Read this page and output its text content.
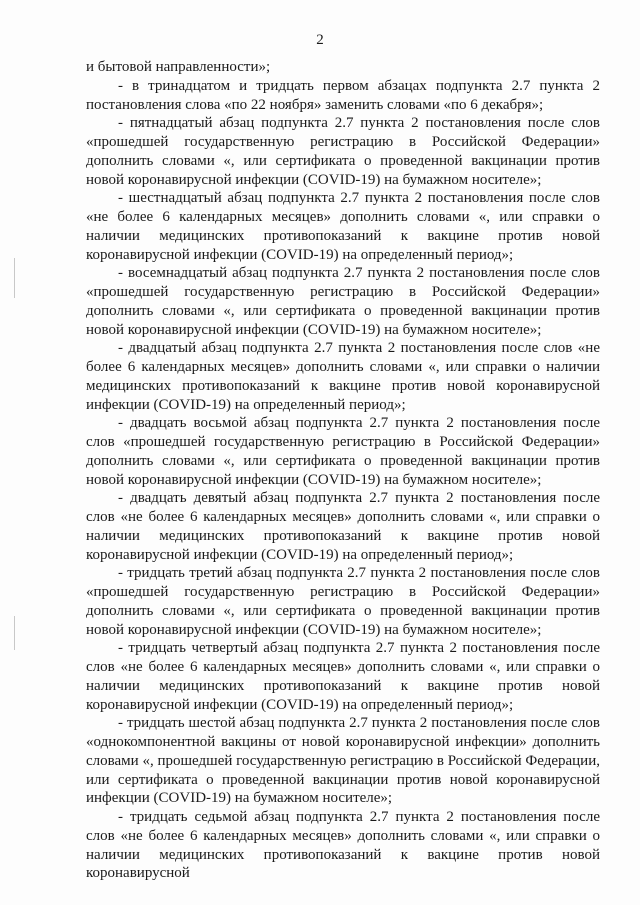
2

и бытовой направленности»;

- в тринадцатом и тридцать первом абзацах подпункта 2.7 пункта 2 постановления слова «по 22 ноября» заменить словами «по 6 декабря»;

- пятнадцатый абзац подпункта 2.7 пункта 2 постановления после слов «прошедшей государственную регистрацию в Российской Федерации» дополнить словами «, или сертификата о проведенной вакцинации против новой коронавирусной инфекции (COVID-19) на бумажном носителе»;

- шестнадцатый абзац подпункта 2.7 пункта 2 постановления после слов «не более 6 календарных месяцев» дополнить словами «, или справки о наличии медицинских противопоказаний к вакцине против новой коронавирусной инфекции (COVID-19) на определенный период»;

- восемнадцатый абзац подпункта 2.7 пункта 2 постановления после слов «прошедшей государственную регистрацию в Российской Федерации» дополнить словами «, или сертификата о проведенной вакцинации против новой коронавирусной инфекции (COVID-19) на бумажном носителе»;

- двадцатый абзац подпункта 2.7 пункта 2 постановления после слов «не более 6 календарных месяцев» дополнить словами «, или справки о наличии медицинских противопоказаний к вакцине против новой коронавирусной инфекции (COVID-19) на определенный период»;

- двадцать восьмой абзац подпункта 2.7 пункта 2 постановления после слов «прошедшей государственную регистрацию в Российской Федерации» дополнить словами «, или сертификата о проведенной вакцинации против новой коронавирусной инфекции (COVID-19) на бумажном носителе»;

- двадцать девятый абзац подпункта 2.7 пункта 2 постановления после слов «не более 6 календарных месяцев» дополнить словами «, или справки о наличии медицинских противопоказаний к вакцине против новой коронавирусной инфекции (COVID-19) на определенный период»;

- тридцать третий абзац подпункта 2.7 пункта 2 постановления после слов «прошедшей государственную регистрацию в Российской Федерации» дополнить словами «, или сертификата о проведенной вакцинации против новой коронавирусной инфекции (COVID-19) на бумажном носителе»;

- тридцать четвертый абзац подпункта 2.7 пункта 2 постановления после слов «не более 6 календарных месяцев» дополнить словами «, или справки о наличии медицинских противопоказаний к вакцине против новой коронавирусной инфекции (COVID-19) на определенный период»;

- тридцать шестой абзац подпункта 2.7 пункта 2 постановления после слов «однокомпонентной вакцины от новой коронавирусной инфекции» дополнить словами «, прошедшей государственную регистрацию в Российской Федерации, или сертификата о проведенной вакцинации против новой коронавирусной инфекции (COVID-19) на бумажном носителе»;

- тридцать седьмой абзац подпункта 2.7 пункта 2 постановления после слов «не более 6 календарных месяцев» дополнить словами «, или справки о наличии медицинских противопоказаний к вакцине против новой коронавирусной
